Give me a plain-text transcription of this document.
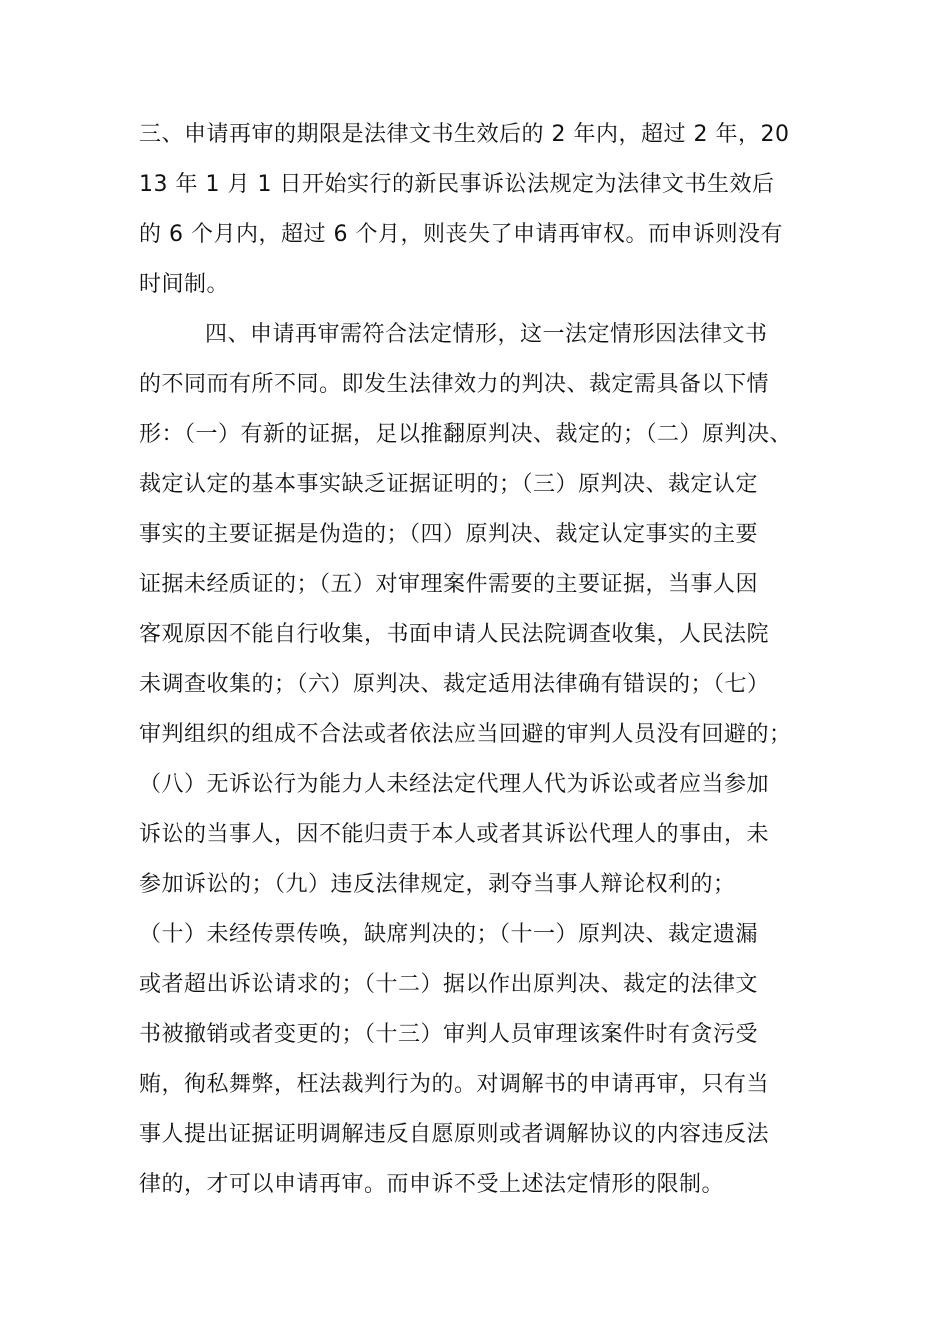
三、申请再审的期限是法律文书生效后的 2 年内，超过 2 年，20
13 年 1 月 1 日开始实行的新民事诉讼法规定为法律文书生效后
的 6 个月内，超过 6 个月，则丧失了申请再审权。而申诉则没有
时间制。
四、申请再审需符合法定情形，这一法定情形因法律文书
的不同而有所不同。即发生法律效力的判决、裁定需具备以下情
形：（一）有新的证据，足以推翻原判决、裁定的；（二）原判决、
裁定认定的基本事实缺乏证据证明的；（三）原判决、裁定认定
事实的主要证据是伪造的；（四）原判决、裁定认定事实的主要
证据未经质证的；（五）对审理案件需要的主要证据，当事人因
客观原因不能自行收集，书面申请人民法院调查收集，人民法院
未调查收集的；（六）原判决、裁定适用法律确有错误的；（七）
审判组织的组成不合法或者依法应当回避的审判人员没有回避的；
（八）无诉讼行为能力人未经法定代理人代为诉讼或者应当参加
诉讼的当事人，因不能归责于本人或者其诉讼代理人的事由，未
参加诉讼的；（九）违反法律规定，剥夺当事人辩论权利的；
（十）未经传票传唤，缺席判决的；（十一）原判决、裁定遗漏
或者超出诉讼请求的；（十二）据以作出原判决、裁定的法律文
书被撤销或者变更的；（十三）审判人员审理该案件时有贪污受
贿，徇私舞弊，枉法裁判行为的。对调解书的申请再审，只有当
事人提出证据证明调解违反自愿原则或者调解协议的内容违反法
律的，才可以申请再审。而申诉不受上述法定情形的限制。
